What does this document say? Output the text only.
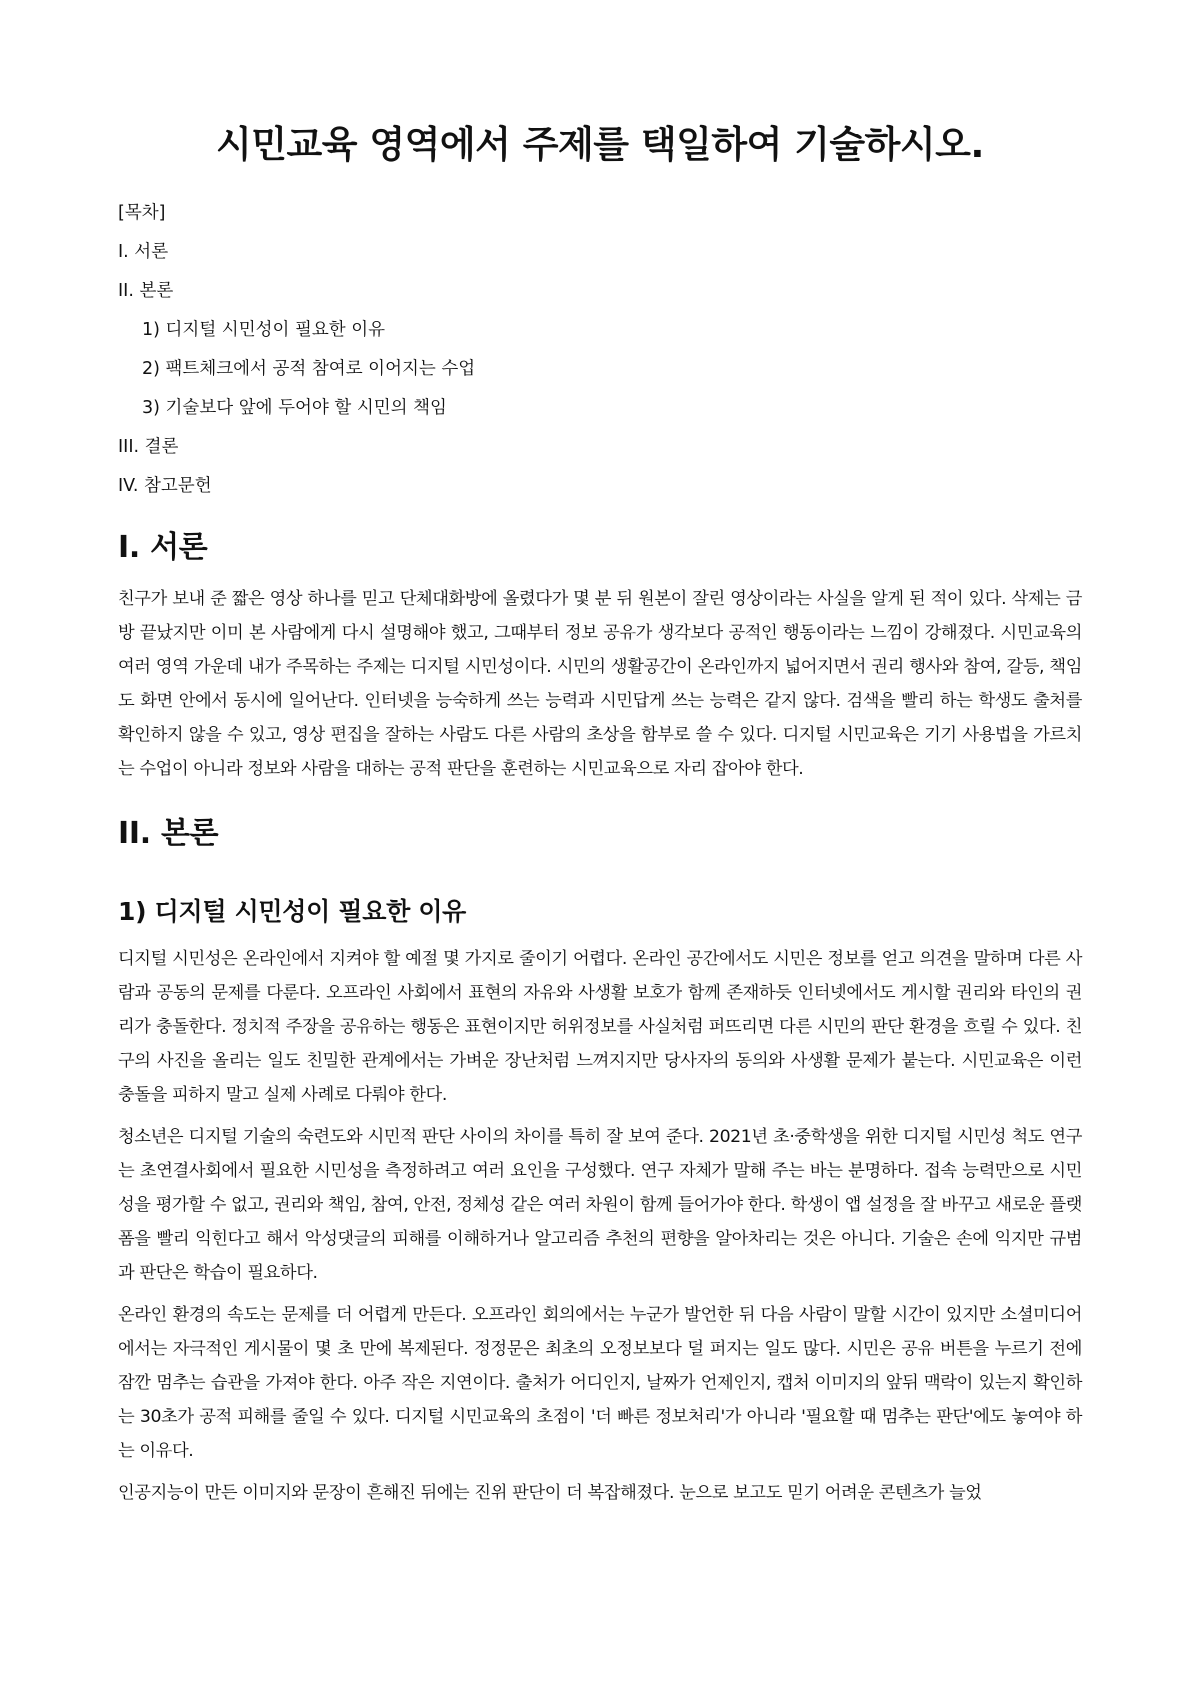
시민교육 영역에서 주제를 택일하여 기술하시오.
[목차]
I. 서론
II. 본론
1) 디지털 시민성이 필요한 이유
2) 팩트체크에서 공적 참여로 이어지는 수업
3) 기술보다 앞에 두어야 할 시민의 책임
III. 결론
IV. 참고문헌
I. 서론

친구가 보내 준 짧은 영상 하나를 믿고 단체대화방에 올렸다가 몇 분 뒤 원본이 잘린 영상이라는 사실을 알게 된 적이 있다. 삭제는 금방 끝났지만 이미 본 사람에게 다시 설명해야 했고, 그때부터 정보 공유가 생각보다 공적인 행동이라는 느낌이 강해졌다. 시민교육의 여러 영역 가운데 내가 주목하는 주제는 디지털 시민성이다. 시민의 생활공간이 온라인까지 넓어지면서 권리 행사와 참여, 갈등, 책임도 화면 안에서 동시에 일어난다. 인터넷을 능숙하게 쓰는 능력과 시민답게 쓰는 능력은 같지 않다. 검색을 빨리 하는 학생도 출처를 확인하지 않을 수 있고, 영상 편집을 잘하는 사람도 다른 사람의 초상을 함부로 쓸 수 있다. 디지털 시민교육은 기기 사용법을 가르치는 수업이 아니라 정보와 사람을 대하는 공적 판단을 훈련하는 시민교육으로 자리 잡아야 한다.

II. 본론
1) 디지털 시민성이 필요한 이유

디지털 시민성은 온라인에서 지켜야 할 예절 몇 가지로 줄이기 어렵다. 온라인 공간에서도 시민은 정보를 얻고 의견을 말하며 다른 사람과 공동의 문제를 다룬다. 오프라인 사회에서 표현의 자유와 사생활 보호가 함께 존재하듯 인터넷에서도 게시할 권리와 타인의 권리가 충돌한다. 정치적 주장을 공유하는 행동은 표현이지만 허위정보를 사실처럼 퍼뜨리면 다른 시민의 판단 환경을 흐릴 수 있다. 친구의 사진을 올리는 일도 친밀한 관계에서는 가벼운 장난처럼 느껴지지만 당사자의 동의와 사생활 문제가 붙는다. 시민교육은 이런 충돌을 피하지 말고 실제 사례로 다뤄야 한다.

청소년은 디지털 기술의 숙련도와 시민적 판단 사이의 차이를 특히 잘 보여 준다. 2021년 초·중학생을 위한 디지털 시민성 척도 연구는 초연결사회에서 필요한 시민성을 측정하려고 여러 요인을 구성했다. 연구 자체가 말해 주는 바는 분명하다. 접속 능력만으로 시민성을 평가할 수 없고, 권리와 책임, 참여, 안전, 정체성 같은 여러 차원이 함께 들어가야 한다. 학생이 앱 설정을 잘 바꾸고 새로운 플랫폼을 빨리 익힌다고 해서 악성댓글의 피해를 이해하거나 알고리즘 추천의 편향을 알아차리는 것은 아니다. 기술은 손에 익지만 규범과 판단은 학습이 필요하다.

온라인 환경의 속도는 문제를 더 어렵게 만든다. 오프라인 회의에서는 누군가 발언한 뒤 다음 사람이 말할 시간이 있지만 소셜미디어에서는 자극적인 게시물이 몇 초 만에 복제된다. 정정문은 최초의 오정보보다 덜 퍼지는 일도 많다. 시민은 공유 버튼을 누르기 전에 잠깐 멈추는 습관을 가져야 한다. 아주 작은 지연이다. 출처가 어디인지, 날짜가 언제인지, 캡처 이미지의 앞뒤 맥락이 있는지 확인하는 30초가 공적 피해를 줄일 수 있다. 디지털 시민교육의 초점이 '더 빠른 정보처리'가 아니라 '필요할 때 멈추는 판단'에도 놓여야 하는 이유다.

인공지능이 만든 이미지와 문장이 흔해진 뒤에는 진위 판단이 더 복잡해졌다. 눈으로 보고도 믿기 어려운 콘텐츠가 늘었
